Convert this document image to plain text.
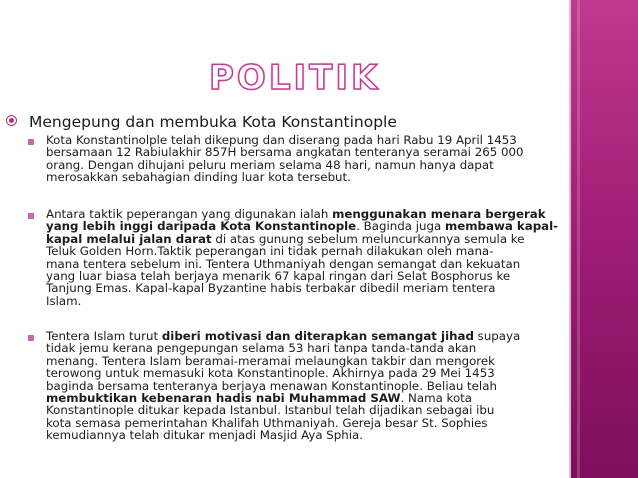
POLITIK
Mengepung dan membuka Kota Konstantinople
Kota Konstantinolple telah dikepung dan diserang pada hari Rabu 19 April 1453
bersamaan 12 Rabiulakhir 857H bersama angkatan tenteranya seramai 265 000
orang. Dengan dihujani peluru meriam selama 48 hari, namun hanya dapat
merosakkan sebahagian dinding luar kota tersebut.
Antara taktik peperangan yang digunakan ialah menggunakan menara bergerak
yang lebih inggi daripada Kota Konstantinople. Baginda juga membawa kapal-
kapal melalui jalan darat di atas gunung sebelum meluncurkannya semula ke
Teluk Golden Horn.Taktik peperangan ini tidak pernah dilakukan oleh mana-
mana tentera sebelum ini. Tentera Uthmaniyah dengan semangat dan kekuatan
yang luar biasa telah berjaya menarik 67 kapal ringan dari Selat Bosphorus ke
Tanjung Emas. Kapal-kapal Byzantine habis terbakar dibedil meriam tentera
Islam.
Tentera Islam turut diberi motivasi dan diterapkan semangat jihad supaya
tidak jemu kerana pengepungan selama 53 hari tanpa tanda-tanda akan
menang. Tentera Islam beramai-meramai melaungkan takbir dan mengorek
terowong untuk memasuki kota Konstantinople. Akhirnya pada 29 Mei 1453
baginda bersama tenteranya berjaya menawan Konstantinople. Beliau telah
membuktikan kebenaran hadis nabi Muhammad SAW. Nama kota
Konstantinople ditukar kepada Istanbul. Istanbul telah dijadikan sebagai ibu
kota semasa pemerintahan Khalifah Uthmaniyah. Gereja besar St. Sophies
kemudiannya telah ditukar menjadi Masjid Aya Sphia.
